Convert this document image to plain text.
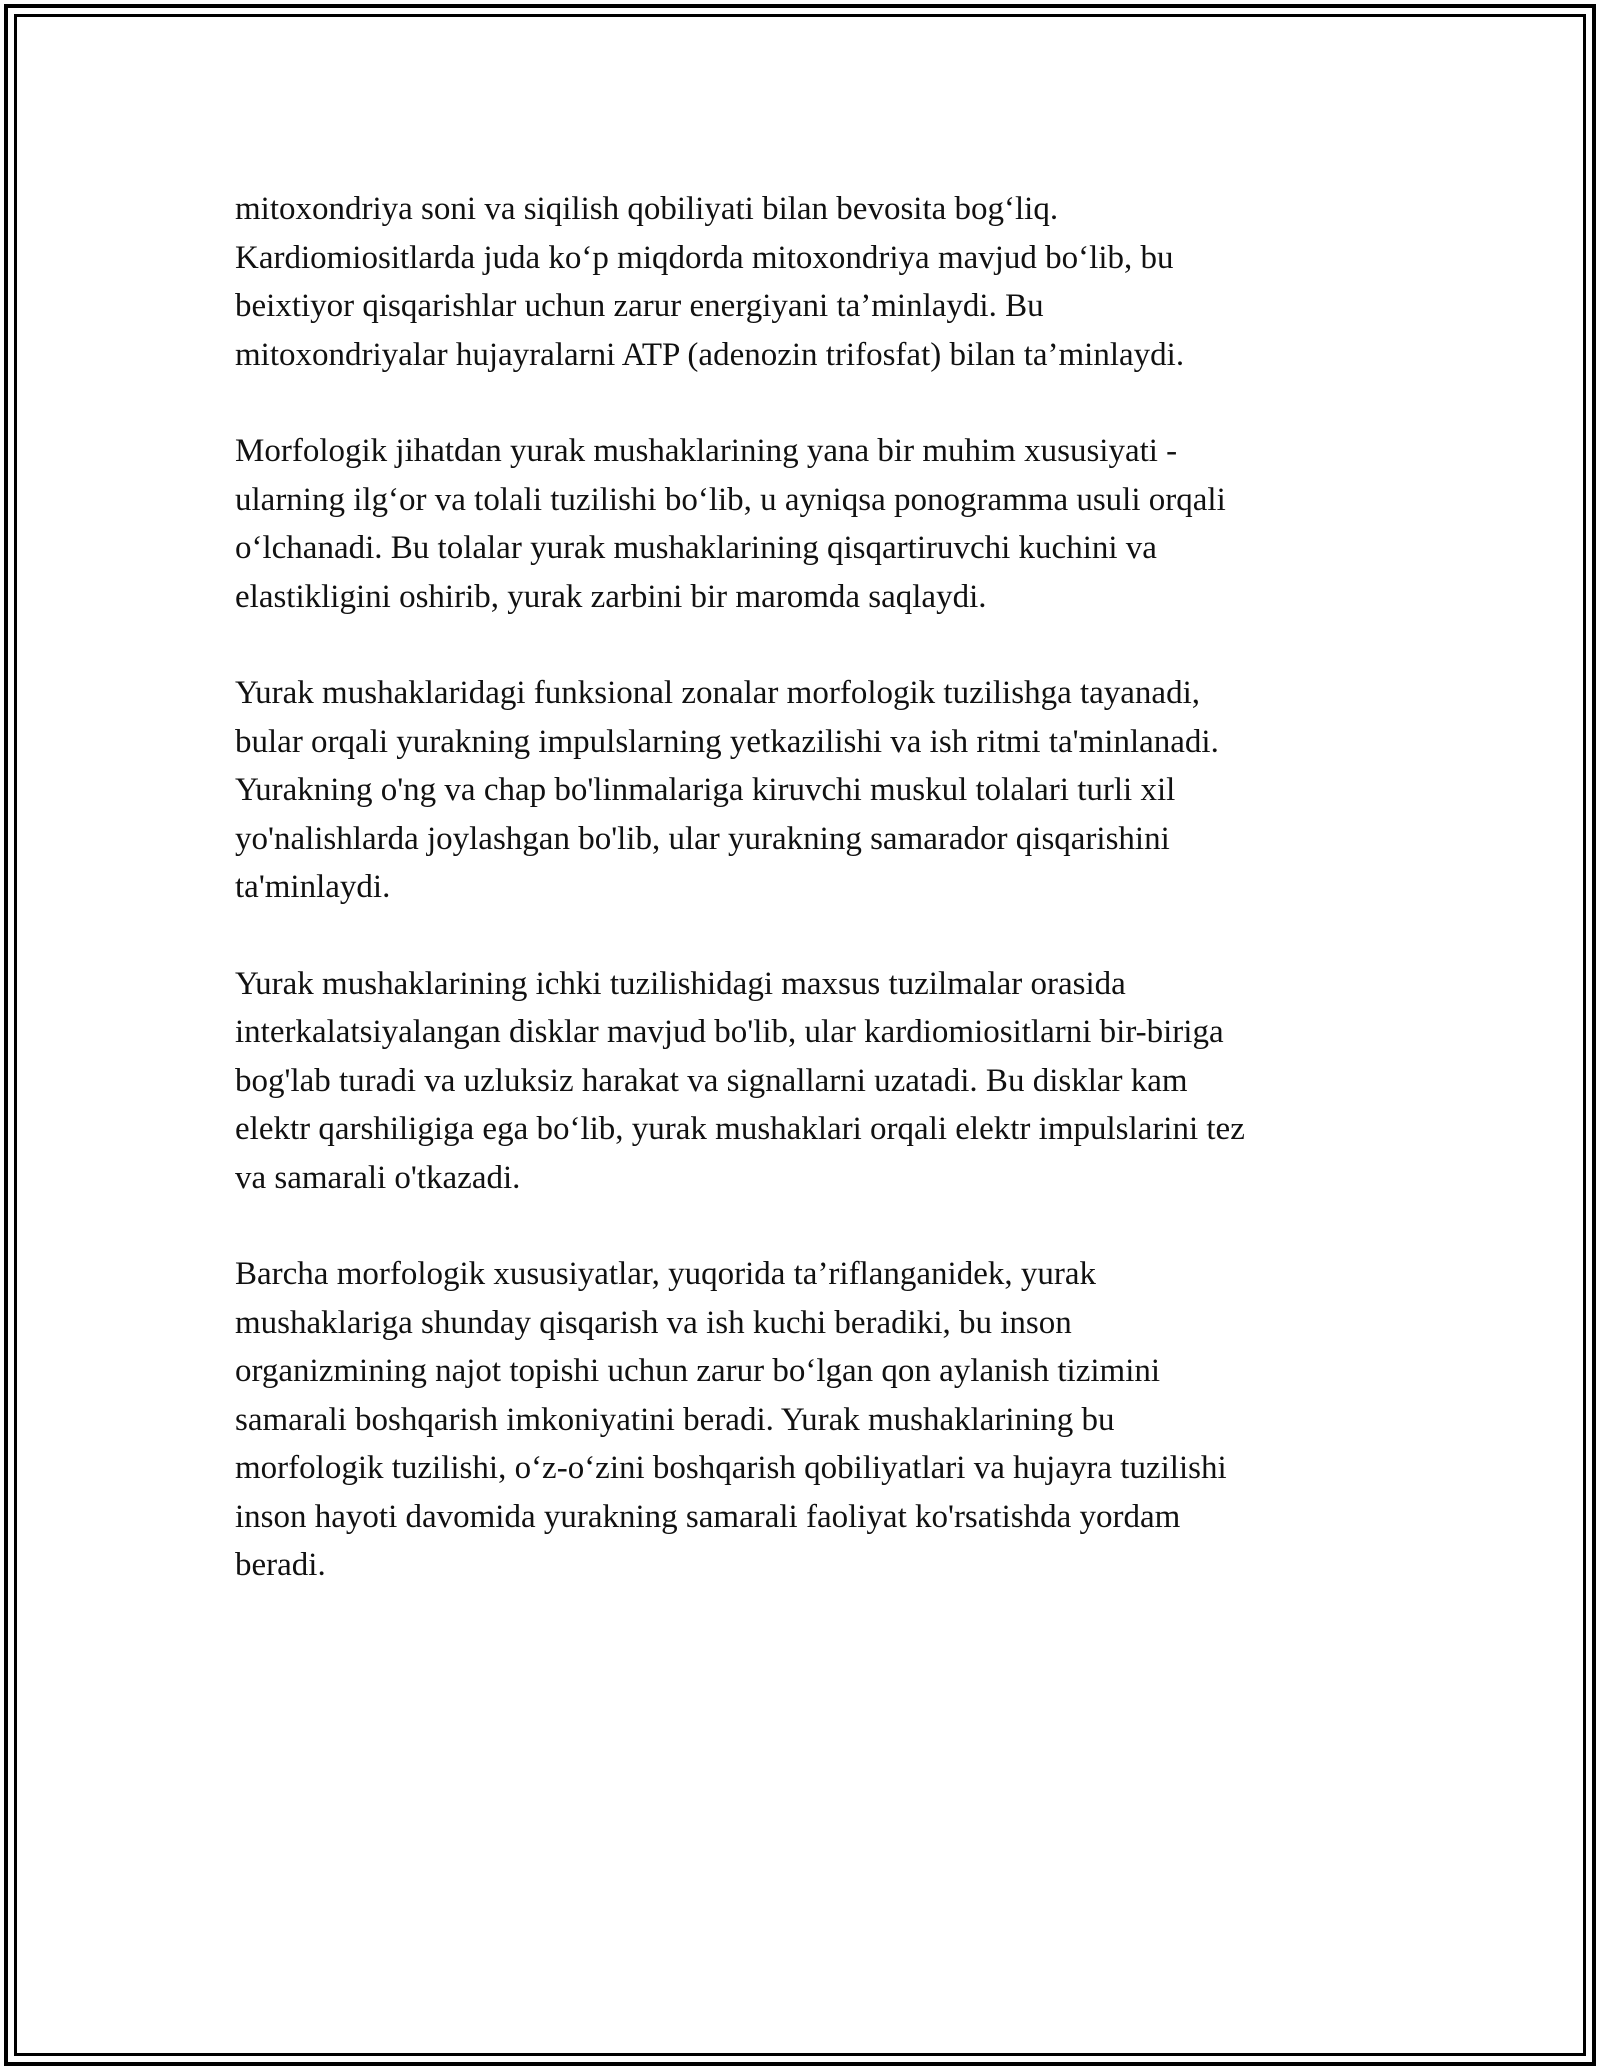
mitoxondriya soni va siqilish qobiliyati bilan bevosita bog‘liq.
Kardiomiositlarda juda ko‘p miqdorda mitoxondriya mavjud bo‘lib, bu
beixtiyor qisqarishlar uchun zarur energiyani ta’minlaydi. Bu
mitoxondriyalar hujayralarni ATP (adenozin trifosfat) bilan ta’minlaydi.

Morfologik jihatdan yurak mushaklarining yana bir muhim xususiyati -
ularning ilg‘or va tolali tuzilishi bo‘lib, u ayniqsa ponogramma usuli orqali
o‘lchanadi. Bu tolalar yurak mushaklarining qisqartiruvchi kuchini va
elastikligini oshirib, yurak zarbini bir maromda saqlaydi.

Yurak mushaklaridagi funksional zonalar morfologik tuzilishga tayanadi,
bular orqali yurakning impulslarning yetkazilishi va ish ritmi ta'minlanadi.
Yurakning o'ng va chap bo'linmalariga kiruvchi muskul tolalari turli xil
yo'nalishlarda joylashgan bo'lib, ular yurakning samarador qisqarishini
ta'minlaydi.

Yurak mushaklarining ichki tuzilishidagi maxsus tuzilmalar orasida
interkalatsiyalangan disklar mavjud bo'lib, ular kardiomiositlarni bir-biriga
bog'lab turadi va uzluksiz harakat va signallarni uzatadi. Bu disklar kam
elektr qarshiligiga ega bo‘lib, yurak mushaklari orqali elektr impulslarini tez
va samarali o'tkazadi.

Barcha morfologik xususiyatlar, yuqorida ta’riflanganidek, yurak
mushaklariga shunday qisqarish va ish kuchi beradiki, bu inson
organizmining najot topishi uchun zarur bo‘lgan qon aylanish tizimini
samarali boshqarish imkoniyatini beradi. Yurak mushaklarining bu
morfologik tuzilishi, o‘z-o‘zini boshqarish qobiliyatlari va hujayra tuzilishi
inson hayoti davomida yurakning samarali faoliyat ko'rsatishda yordam
beradi.
